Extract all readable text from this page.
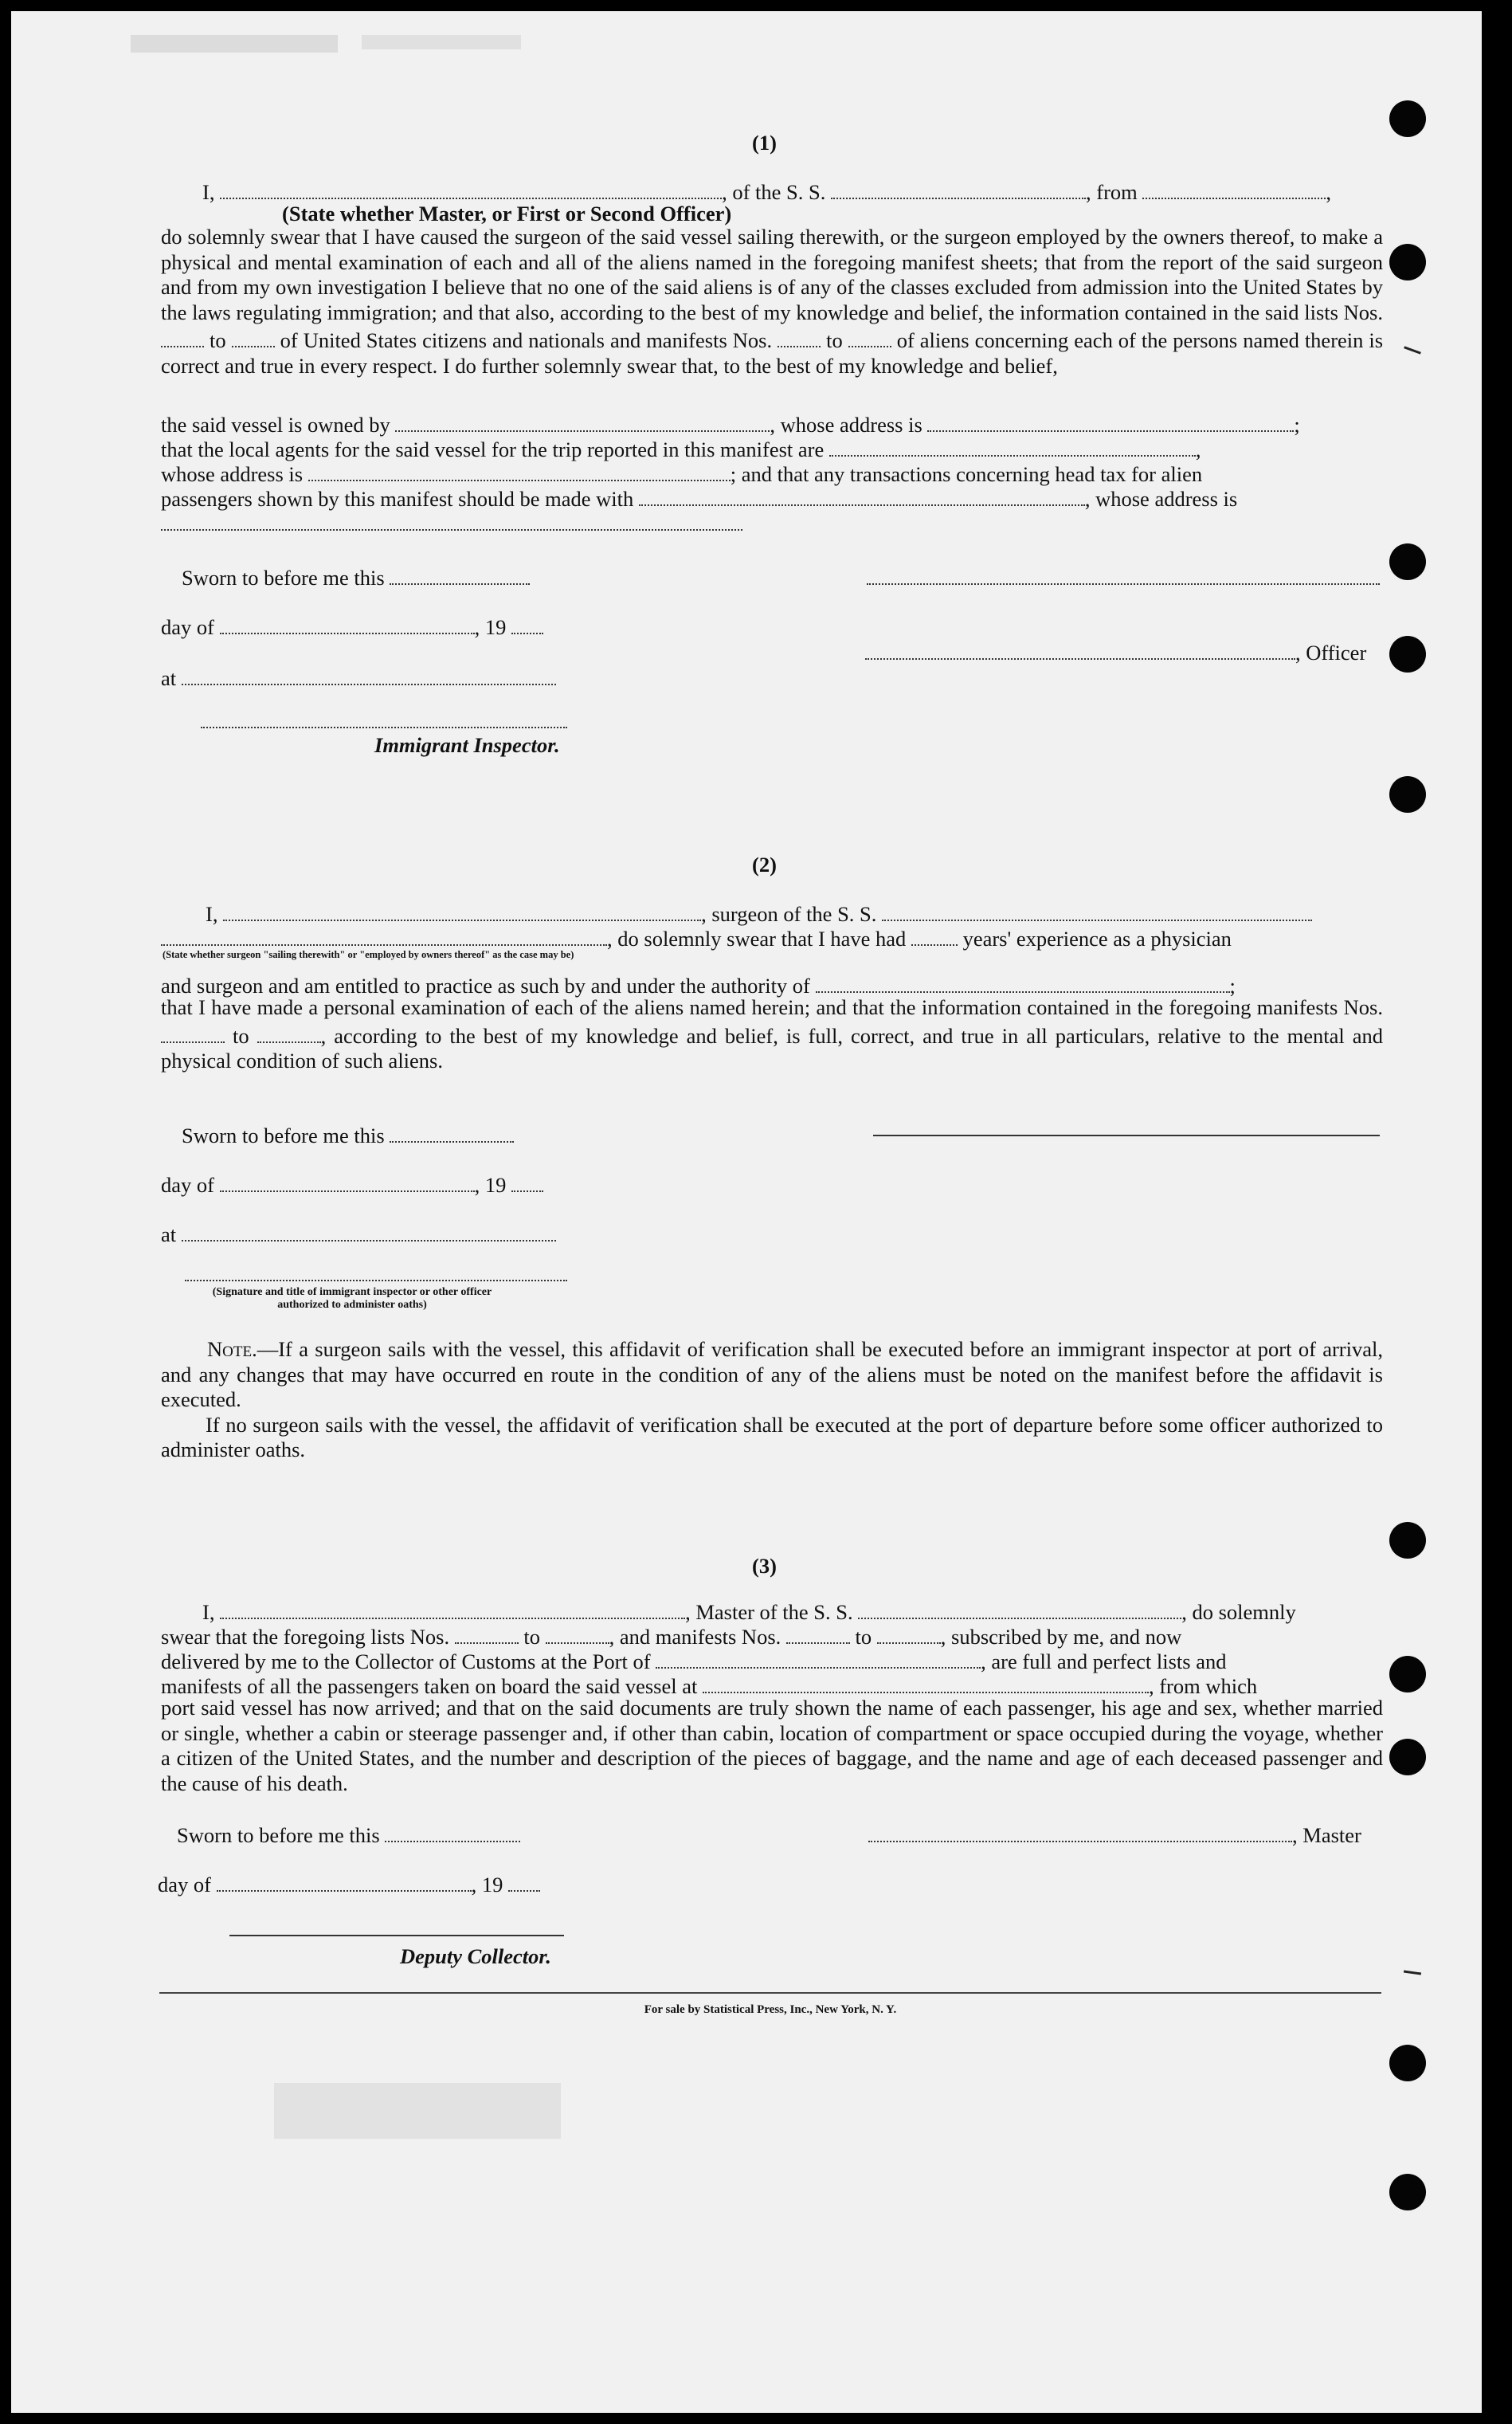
(1)
I,	, of the S. S.	, from	,
(State whether Master, or First or Second Officer)

do solemnly swear that I have caused the surgeon of the said vessel sailing therewith, or the surgeon employed by the owners thereof, to make a physical and mental examination of each and all of the aliens named in the foregoing manifest sheets; that from the report of the said surgeon and from my own investigation I believe that no one of the said aliens is of any of the classes excluded from admission into the United States by the laws regulating immigration; and that also, according to the best of my knowledge and belief, the information contained in the said lists Nos.  to	of United States citizens and nationals and manifests Nos.	to	of aliens concerning each of the persons named therein is correct and true in every respect. I do further solemnly swear that, to the best of my knowledge and belief,

the said vessel is owned by	, whose address is	;
that the local agents for the said vessel for the trip reported in this manifest are	,
whose address is	; and that any transactions concerning head tax for alien
passengers shown by this manifest should be made with	, whose address is
Sworn to before me this
day of	, 19
, Officer
at
Immigrant Inspector.
(2)
I,	, surgeon of the S. S.
, do solemnly swear that I have had	years' experience as a physician
(State whether surgeon "sailing therewith" or "employed by owners thereof" as the case may be)
and surgeon and am entitled to practice as such by and under the authority of	;

that I have made a personal examination of each of the aliens named herein; and that the information contained in the foregoing manifests Nos.  to	, according to the best of my knowledge and belief, is full, correct, and true in all particulars, relative to the mental and physical condition of such aliens.

Sworn to before me this
day of	, 19
at
(Signature and title of immigrant inspector or other officer authorized to administer oaths)

Note.—If a surgeon sails with the vessel, this affidavit of verification shall be executed before an immigrant inspector at port of arrival, and any changes that may have occurred en route in the condition of any of the aliens must be noted on the manifest before the affidavit is executed.

If no surgeon sails with the vessel, the affidavit of verification shall be executed at the port of departure before some officer authorized to administer oaths.

(3)
I,	, Master of the S. S.	, do solemnly
swear that the foregoing lists Nos.	to	, and manifests Nos.	to	, subscribed by me, and now
delivered by me to the Collector of Customs at the Port of	, are full and perfect lists and
manifests of all the passengers taken on board the said vessel at	, from which

port said vessel has now arrived; and that on the said documents are truly shown the name of each passenger, his age and sex, whether married or single, whether a cabin or steerage passenger and, if other than cabin, location of compartment or space occupied during the voyage, whether a citizen of the United States, and the number and description of the pieces of baggage, and the name and age of each deceased passenger and the cause of his death.

Sworn to before me this	, Master
day of	, 19
Deputy Collector.
For sale by Statistical Press, Inc., New York, N. Y.
